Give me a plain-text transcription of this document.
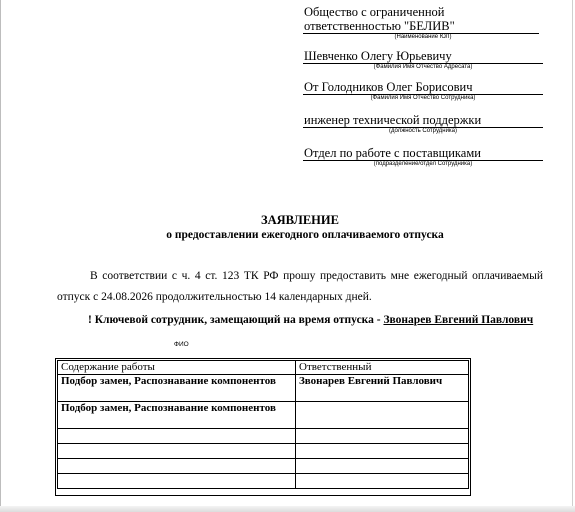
Общество с ограниченной ответственностью "БЕЛИВ"
(Наименование ЮЛ)
Шевченко Олегу Юрьевичу
(Фамилия Имя Отчество Адресата)
От Голодников Олег Борисович
(Фамилия Имя Отчество Сотрудника)
инженер технической поддержки
(должность Сотрудника)
Отдел по работе с поставщиками
(подразделение/отдел Сотрудника)
ЗАЯВЛЕНИЕ
о предоставлении ежегодного оплачиваемого отпуска
В соответствии с ч. 4 ст. 123 ТК РФ прошу предоставить мне ежегодный оплачиваемый
отпуск с 24.08.2026 продолжительностью 14 календарных дней.
! Ключевой сотрудник, замещающий на время отпуска - Звонарев Евгений Павлович
ФИО
Содержание работы	Ответственный

Подбор замен, Распознавание компонентов	Звонарев Евгений Павлович

Подбор замен, Распознавание компонентов	
